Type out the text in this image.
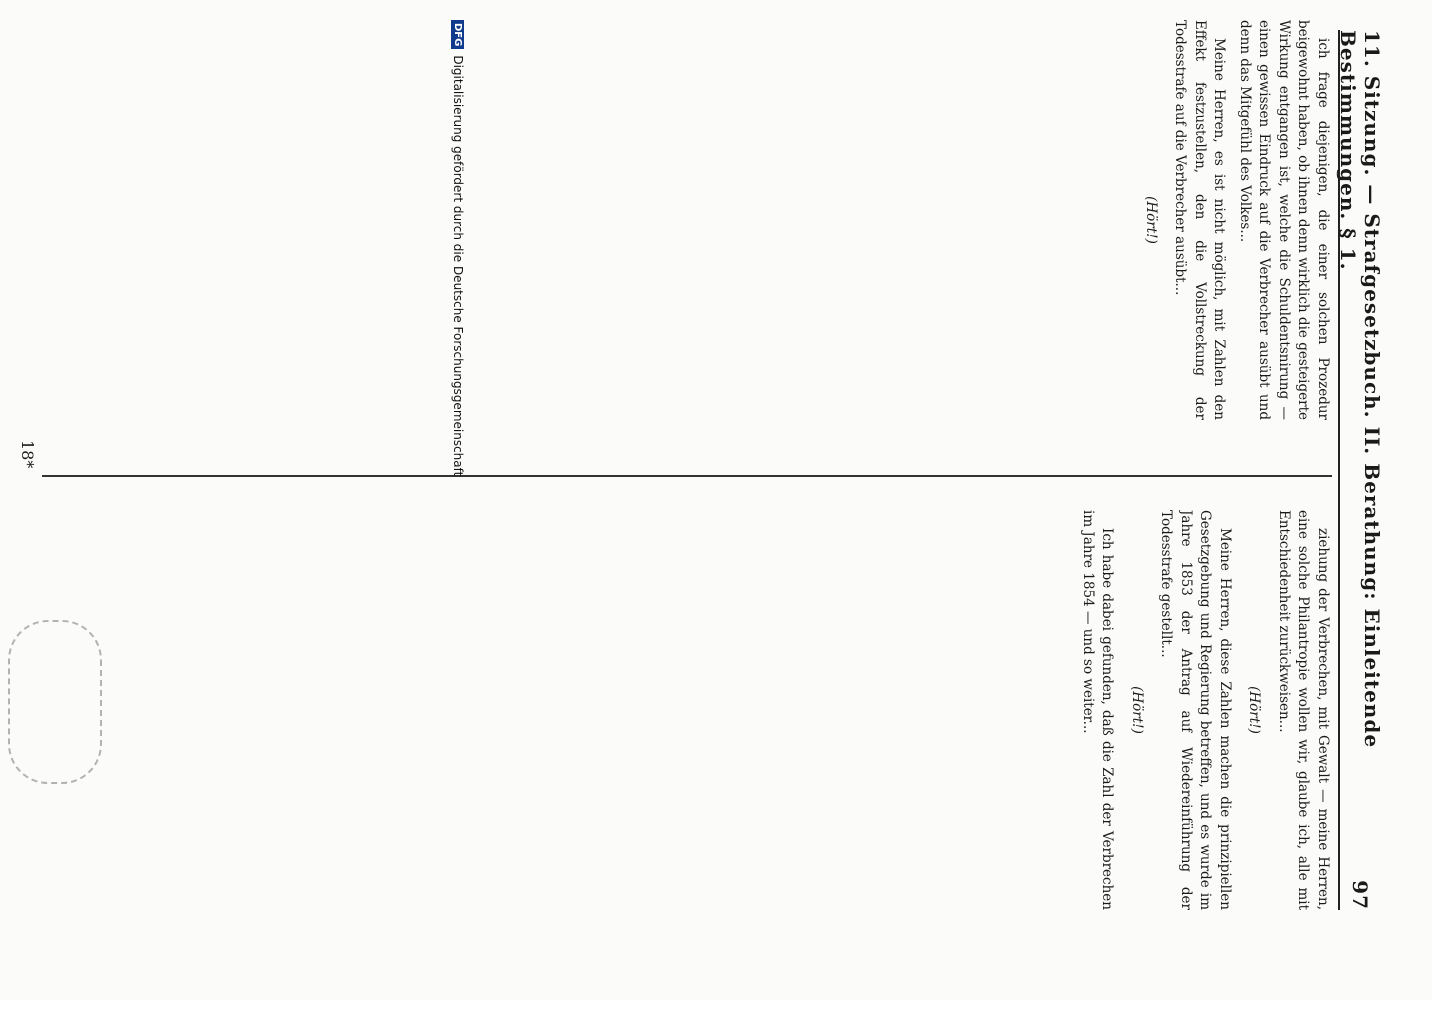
11. Sitzung. — Strafgesetzbuch. II. Berathung: Einleitende Bestimmungen. § 1.
97

ich frage diejenigen, die einer solchen Prozedur beigewohnt haben, ob ihnen denn wirklich die gesteigerte Wirkung entgangen ist, welche die Schuldentsnirung — einen gewissen Eindruck auf die Verbrecher ausübt und denn das Mitgefühl des Volkes...

Meine Herren, es ist nicht möglich, mit Zahlen den Effekt festzustellen, den die Vollstreckung der Todesstrafe auf die Verbrecher ausübt...

(Hört!)

ziehung der Verbrechen, mit Gewalt — meine Herren, eine solche Philantropie wollen wir, glaube ich, alle mit Entschiedenheit zurückweisen...

(Hört!)

Meine Herren, diese Zahlen machen die prinzipiellen Gesetzgebung und Regierung betreffen, und es wurde im Jahre 1853 der Antrag auf Wiedereinführung der Todesstrafe gestellt...

(Hört!)

Ich habe dabei gefunden, daß die Zahl der Verbrechen im Jahre 1854 — und so weiter...

18*
DFG
Digitalisierung gefördert durch die Deutsche Forschungsgemeinschaft
